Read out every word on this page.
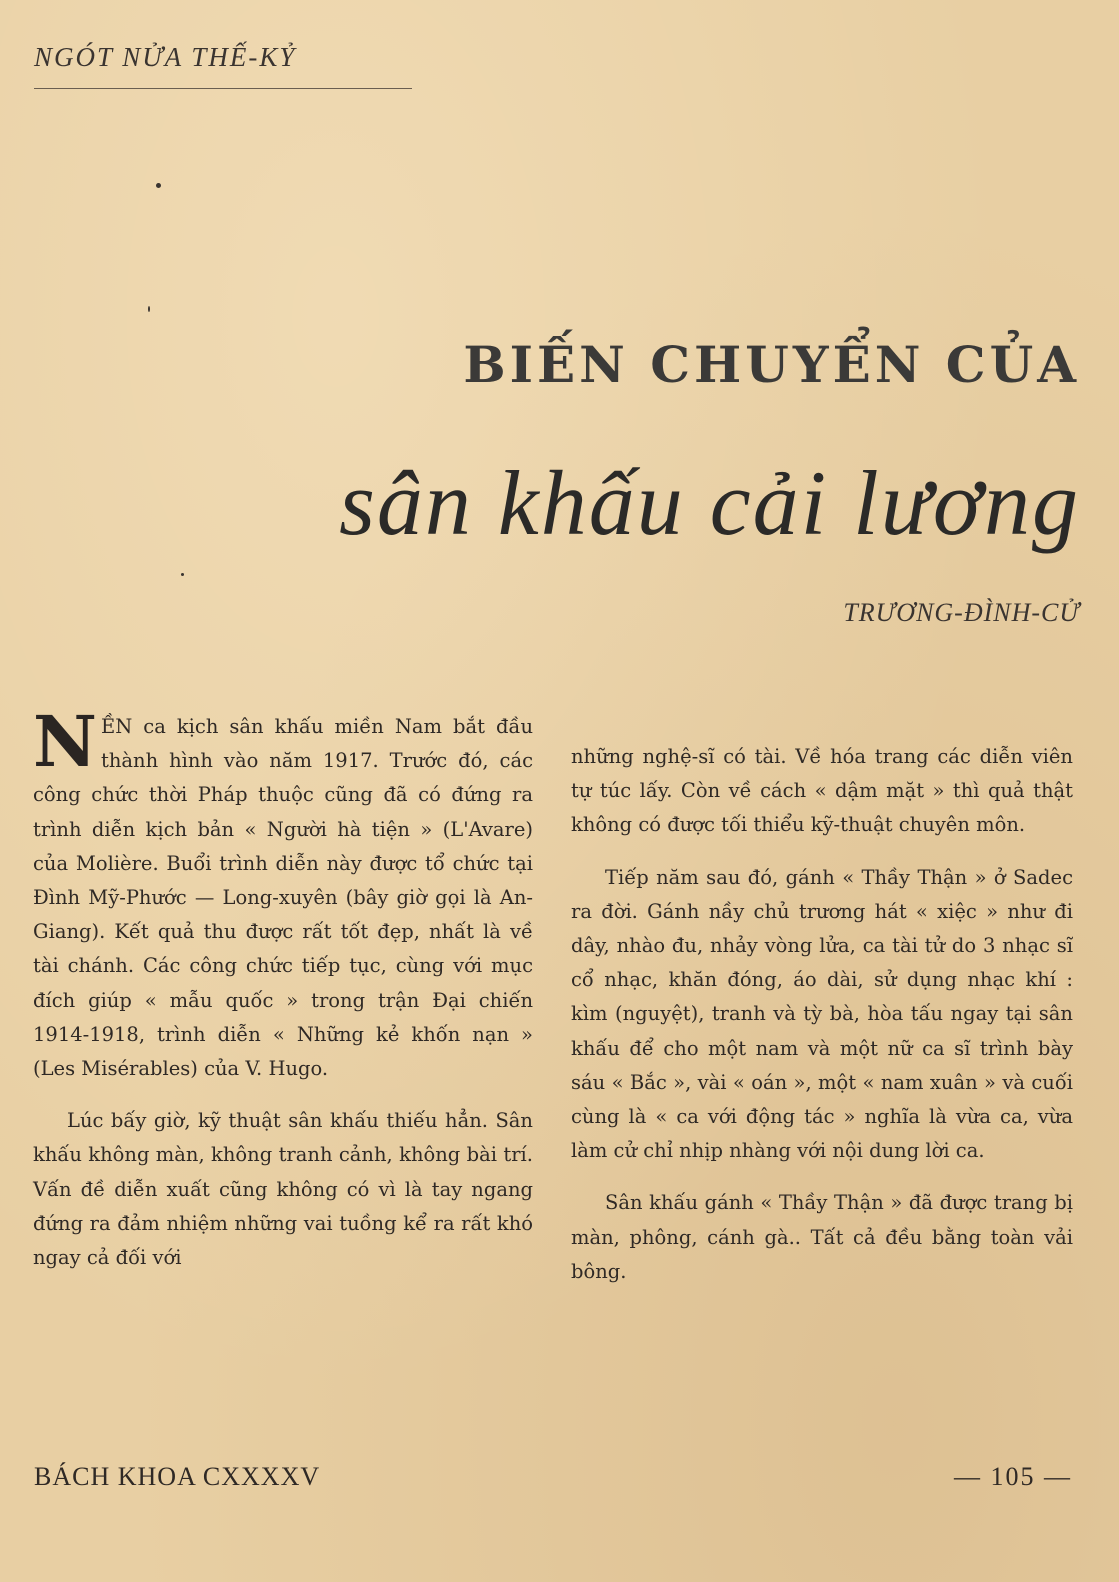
NGÓT NỬA THẾ-KỶ
BIẾN CHUYỂN CỦA
sân khấu cải lương
TRƯƠNG-ĐÌNH-CỬ

NỀN ca kịch sân khấu miền Nam bắt đầu thành hình vào năm 1917. Trước đó, các công chức thời Pháp thuộc cũng đã có đứng ra trình diễn kịch bản « Người hà tiện » (L'Avare) của Molière. Buổi trình diễn này được tổ chức tại Đình Mỹ-Phước — Long-xuyên (bây giờ gọi là An-Giang). Kết quả thu được rất tốt đẹp, nhất là về tài chánh. Các công chức tiếp tục, cùng với mục đích giúp « mẫu quốc » trong trận Đại chiến 1914-1918, trình diễn « Những kẻ khốn nạn » (Les Misérables) của V. Hugo.

Lúc bấy giờ, kỹ thuật sân khấu thiếu hẳn. Sân khấu không màn, không tranh cảnh, không bài trí. Vấn đề diễn xuất cũng không có vì là tay ngang đứng ra đảm nhiệm những vai tuồng kể ra rất khó ngay cả đối với

những nghệ-sĩ có tài. Về hóa trang các diễn viên tự túc lấy. Còn về cách « dậm mặt » thì quả thật không có được tối thiểu kỹ-thuật chuyên môn.

Tiếp năm sau đó, gánh « Thầy Thận » ở Sadec ra đời. Gánh nầy chủ trương hát « xiệc » như đi dây, nhào đu, nhảy vòng lửa, ca tài tử do 3 nhạc sĩ cổ nhạc, khăn đóng, áo dài, sử dụng nhạc khí : kìm (nguyệt), tranh và tỳ bà, hòa tấu ngay tại sân khấu để cho một nam và một nữ ca sĩ trình bày sáu « Bắc », vài « oán », một « nam xuân » và cuối cùng là « ca với động tác » nghĩa là vừa ca, vừa làm cử chỉ nhịp nhàng với nội dung lời ca.

Sân khấu gánh « Thầy Thận » đã được trang bị màn, phông, cánh gà.. Tất cả đều bằng toàn vải bông.

BÁCH KHOA CXXXXV	— 105 —
